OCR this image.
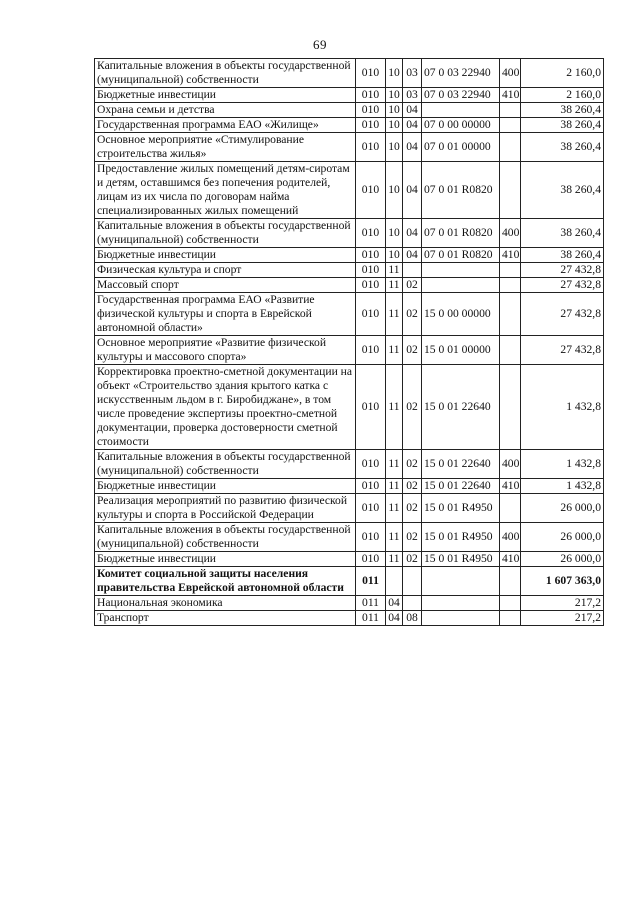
69
Капитальные вложения в объекты государственной (муниципальной) собственности	010	10	03	07 0 03 22940	400	2 160,0
Бюджетные инвестиции	010	10	03	07 0 03 22940	410	2 160,0
Охрана семьи и детства	010	10	04			38 260,4
Государственная программа ЕАО «Жилище»	010	10	04	07 0 00 00000		38 260,4
Основное мероприятие «Стимулирование строительства жилья»	010	10	04	07 0 01 00000		38 260,4
Предоставление жилых помещений детям-сиротам и детям, оставшимся без попечения родителей, лицам из их числа по договорам найма специализированных жилых помещений	010	10	04	07 0 01 R0820		38 260,4
Капитальные вложения в объекты государственной (муниципальной) собственности	010	10	04	07 0 01 R0820	400	38 260,4
Бюджетные инвестиции	010	10	04	07 0 01 R0820	410	38 260,4
Физическая культура и спорт	010	11				27 432,8
Массовый спорт	010	11	02			27 432,8
Государственная программа ЕАО «Развитие физической культуры и спорта в Еврейской автономной области»	010	11	02	15 0 00 00000		27 432,8
Основное мероприятие «Развитие физической культуры и массового спорта»	010	11	02	15 0 01 00000		27 432,8
Корректировка проектно-сметной документации на объект «Строительство здания крытого катка с искусственным льдом в г. Биробиджане», в том числе проведение экспертизы проектно-сметной документации, проверка достоверности сметной стоимости	010	11	02	15 0 01 22640		1 432,8
Капитальные вложения в объекты государственной (муниципальной) собственности	010	11	02	15 0 01 22640	400	1 432,8
Бюджетные инвестиции	010	11	02	15 0 01 22640	410	1 432,8
Реализация мероприятий по развитию физической культуры и спорта в Российской Федерации	010	11	02	15 0 01 R4950		26 000,0
Капитальные вложения в объекты государственной (муниципальной) собственности	010	11	02	15 0 01 R4950	400	26 000,0
Бюджетные инвестиции	010	11	02	15 0 01 R4950	410	26 000,0
Комитет социальной защиты населения правительства Еврейской автономной области	011					1 607 363,0
Национальная экономика	011	04				217,2
Транспорт	011	04	08			217,2
